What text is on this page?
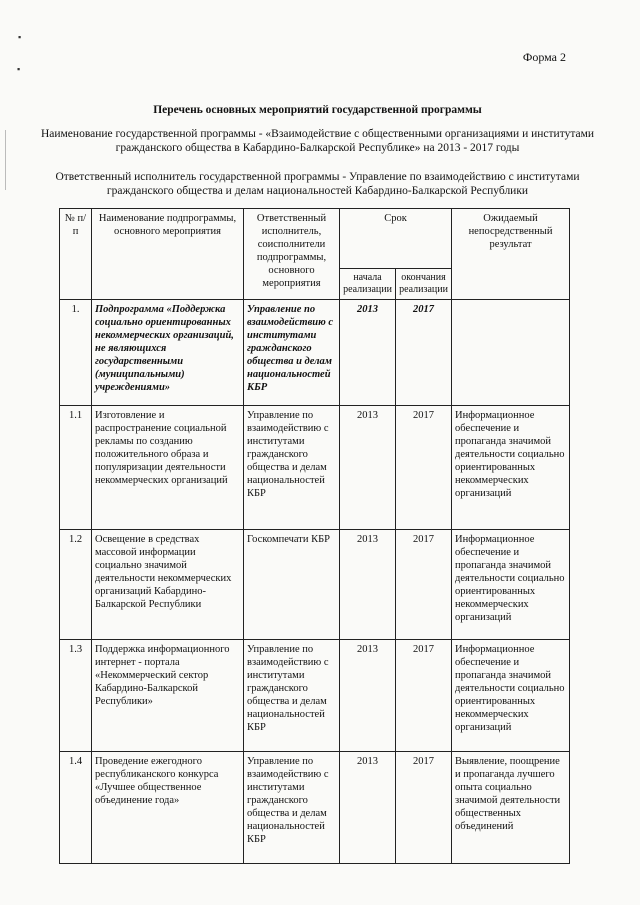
▪
▪
Форма 2
Перечень основных мероприятий государственной программы
Наименование государственной программы - «Взаимодействие с общественными организациями и институтами гражданского общества в Кабардино-Балкарской Республике» на 2013 - 2017 годы
Ответственный исполнитель государственной программы - Управление по взаимодействию с институтами гражданского общества и делам национальностей Кабардино-Балкарской Республики
№ п/п	Наименование подпрограммы, основного мероприятия	Ответственный исполнитель, соисполнители подпрограммы, основного мероприятия	Срок		Ожидаемый непосредственный результат
			начала реализации	окончания реализации	
1.	Подпрограмма «Поддержка социально ориентированных некоммерческих организаций, не являющихся государственными (муниципальными) учреждениями»	Управление по взаимодействию с институтами гражданского общества и делам национальностей КБР	2013	2017	
1.1	Изготовление и распространение социальной рекламы по созданию положительного образа и популяризации деятельности некоммерческих организаций	Управление по взаимодействию с институтами гражданского общества и делам национальностей КБР	2013	2017	Информационное обеспечение и пропаганда значимой деятельности социально ориентированных некоммерческих организаций
1.2	Освещение в средствах массовой информации социально значимой деятельности некоммерческих организаций Кабардино-Балкарской Республики	Госкомпечати КБР	2013	2017	Информационное обеспечение и пропаганда значимой деятельности социально ориентированных некоммерческих организаций
1.3	Поддержка информационного интернет - портала «Некоммерческий сектор Кабардино-Балкарской Республики»	Управление по взаимодействию с институтами гражданского общества и делам национальностей КБР	2013	2017	Информационное обеспечение и пропаганда значимой деятельности социально ориентированных некоммерческих организаций
1.4	Проведение ежегодного республиканского конкурса «Лучшее общественное объединение года»	Управление по взаимодействию с институтами гражданского общества и делам национальностей КБР	2013	2017	Выявление, поощрение и пропаганда лучшего опыта социально значимой деятельности общественных объединений
